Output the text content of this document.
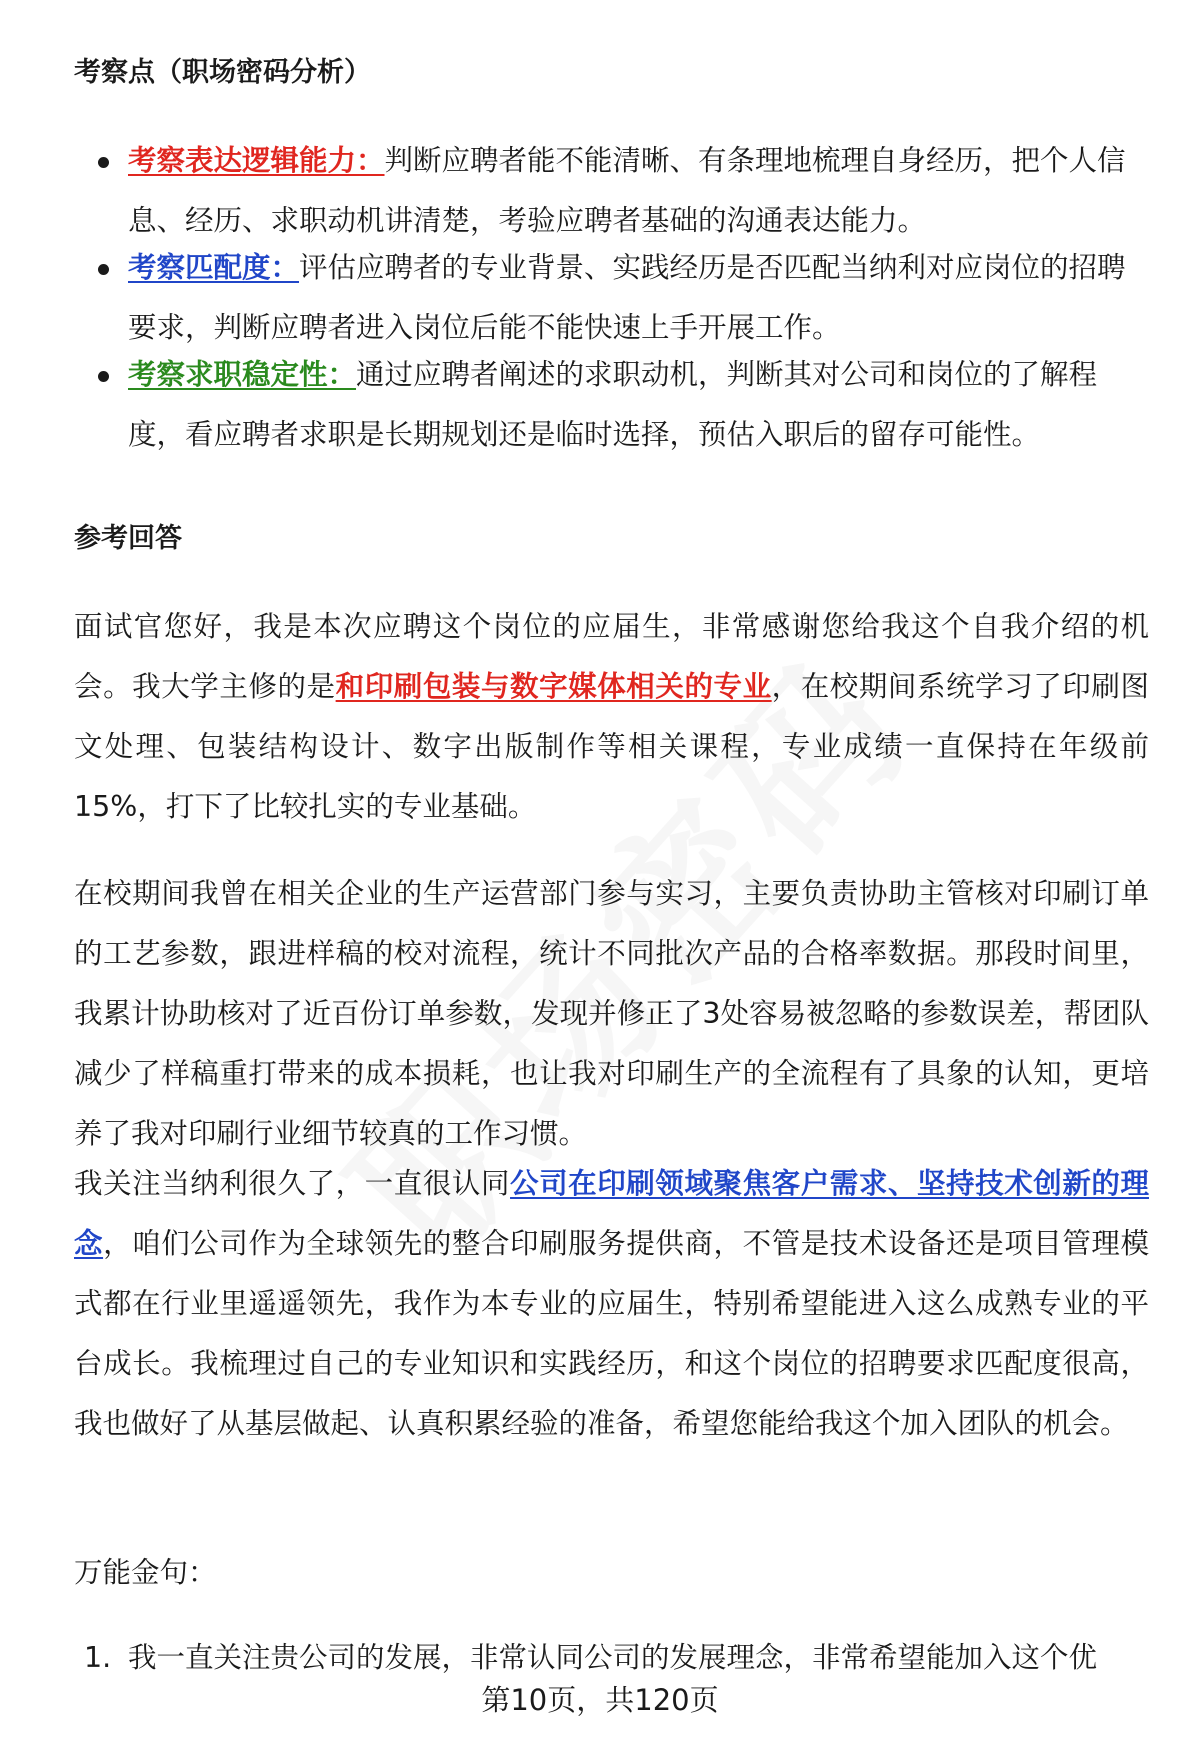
考察点（职场密码分析）
考察表达逻辑能力：判断应聘者能不能清晰、有条理地梳理自身经历，把个人信息、经历、求职动机讲清楚，考验应聘者基础的沟通表达能力。
考察匹配度：评估应聘者的专业背景、实践经历是否匹配当纳利对应岗位的招聘要求，判断应聘者进入岗位后能不能快速上手开展工作。
考察求职稳定性：通过应聘者阐述的求职动机，判断其对公司和岗位的了解程度，看应聘者求职是长期规划还是临时选择，预估入职后的留存可能性。
参考回答
面试官您好，我是本次应聘这个岗位的应届生，非常感谢您给我这个自我介绍的机会。我大学主修的是和印刷包装与数字媒体相关的专业，在校期间系统学习了印刷图文处理、包装结构设计、数字出版制作等相关课程，专业成绩一直保持在年级前15%，打下了比较扎实的专业基础。
在校期间我曾在相关企业的生产运营部门参与实习，主要负责协助主管核对印刷订单的工艺参数，跟进样稿的校对流程，统计不同批次产品的合格率数据。那段时间里，我累计协助核对了近百份订单参数，发现并修正了3处容易被忽略的参数误差，帮团队减少了样稿重打带来的成本损耗，也让我对印刷生产的全流程有了具象的认知，更培养了我对印刷行业细节较真的工作习惯。
我关注当纳利很久了，一直很认同公司在印刷领域聚焦客户需求、坚持技术创新的理念，咱们公司作为全球领先的整合印刷服务提供商，不管是技术设备还是项目管理模式都在行业里遥遥领先，我作为本专业的应届生，特别希望能进入这么成熟专业的平台成长。我梳理过自己的专业知识和实践经历，和这个岗位的招聘要求匹配度很高，我也做好了从基层做起、认真积累经验的准备，希望您能给我这个加入团队的机会。
万能金句：
1. 我一直关注贵公司的发展，非常认同公司的发展理念，非常希望能加入这个优
第10页，共120页
